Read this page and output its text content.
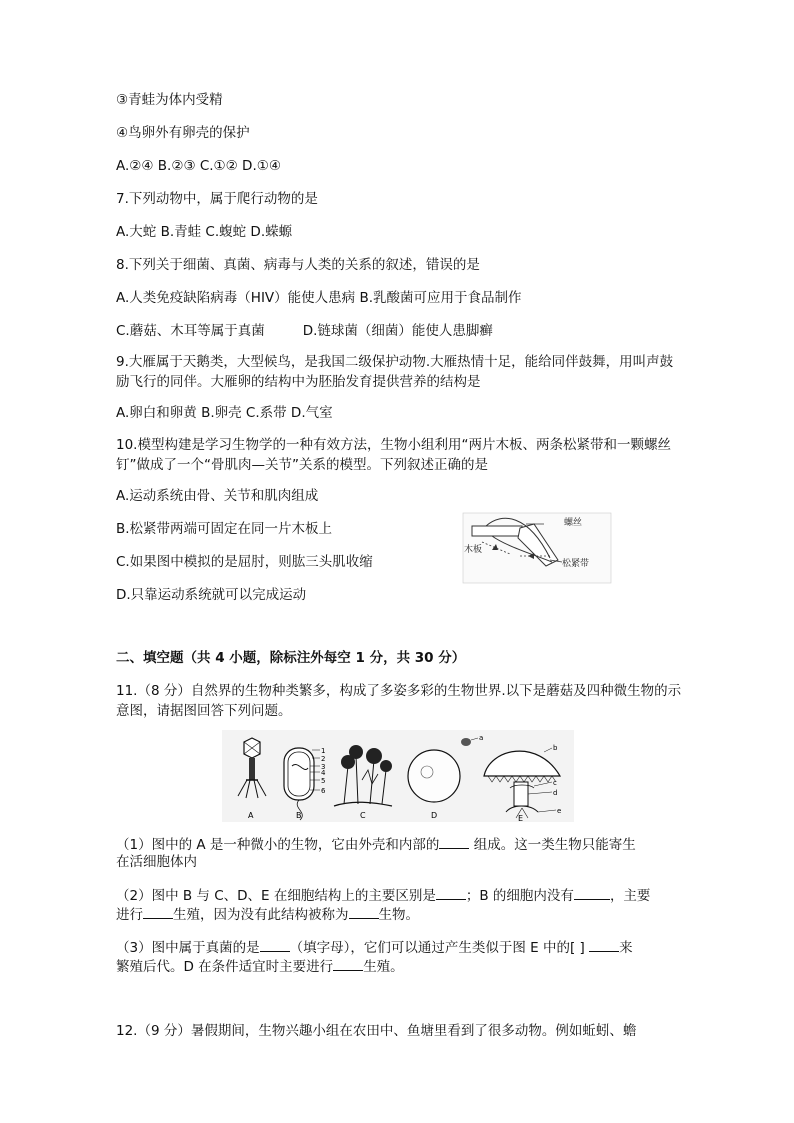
③青蛙为体内受精
④鸟卵外有卵壳的保护
A.②④ B.②③ C.①② D.①④
7.下列动物中，属于爬行动物的是
A.大蛇 B.青蛙 C.蝮蛇 D.蝾螈
8.下列关于细菌、真菌、病毒与人类的关系的叙述，错误的是
A.人类免疫缺陷病毒（HIV）能使人患病 B.乳酸菌可应用于食品制作
C.蘑菇、木耳等属于真菌	D.链球菌（细菌）能使人患脚癣
9.大雁属于天鹅类，大型候鸟，是我国二级保护动物.大雁热情十足，能给同伴鼓舞，用叫声鼓励飞行的同伴。大雁卵的结构中为胚胎发育提供营养的结构是
A.卵白和卵黄 B.卵壳 C.系带 D.气室
10.模型构建是学习生物学的一种有效方法，生物小组利用“两片木板、两条松紧带和一颗螺丝钉”做成了一个“骨肌肉—关节”关系的模型。下列叙述正确的是
A.运动系统由骨、关节和肌肉组成
B.松紧带两端可固定在同一片木板上
C.如果图中模拟的是屈肘，则肱三头肌收缩
D.只靠运动系统就可以完成运动
螺丝
木板
松紧带
二、填空题（共 4 小题，除标注外每空 1 分，共 30 分）
11.（8 分）自然界的生物种类繁多，构成了多姿多彩的生物世界.以下是蘑菇及四种微生物的示意图，请据图回答下列问题。
1
2
3
4
5
6
a
b
c
d
e
A	B	C	D	E
（1）图中的 A 是一种微小的生物，它由外壳和内部的 组成。这一类生物只能寄生
在活细胞体内
（2）图中 B 与 C、D、E 在细胞结构上的主要区别是 ；B 的细胞内没有	，主要
进行 生殖，因为没有此结构被称为 生物。
（3）图中属于真菌的是 （填字母），它们可以通过产生类似于图 E 中的[ ] 来
繁殖后代。D 在条件适宜时主要进行 生殖。
12.（9 分）暑假期间，生物兴趣小组在农田中、鱼塘里看到了很多动物。例如蚯蚓、蟾
